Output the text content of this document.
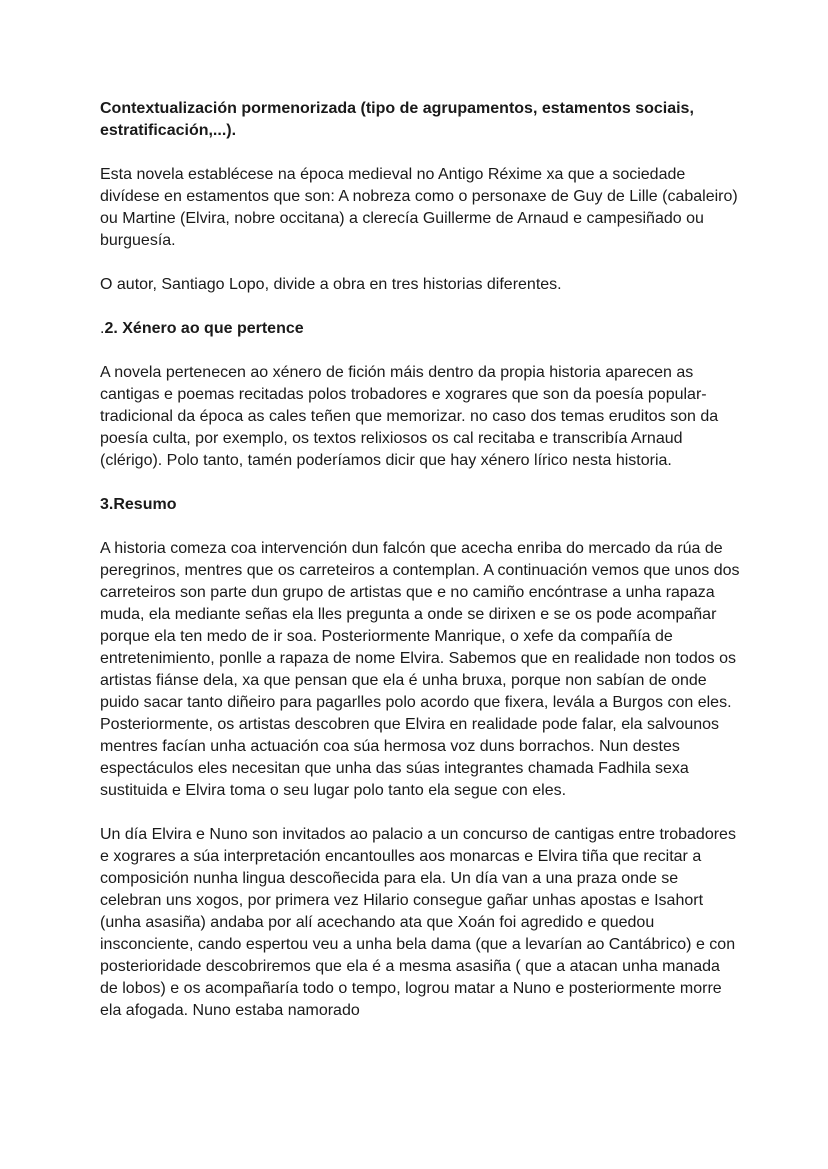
Contextualización pormenorizada (tipo de agrupamentos, estamentos sociais, estratificación,...).

Esta novela establécese na época medieval no Antigo Réxime xa que a sociedade divídese en estamentos que son: A nobreza como o personaxe de Guy de Lille (cabaleiro) ou Martine (Elvira, nobre occitana) a clerecía Guillerme de Arnaud e campesiñado ou burguesía.

O autor, Santiago Lopo, divide a obra en tres historias diferentes.

.2. Xénero ao que pertence

A novela pertenecen ao xénero de fición máis dentro da propia historia aparecen as cantigas e poemas recitadas polos trobadores e xograres que son da poesía popular-tradicional da época as cales teñen que memorizar. no caso dos temas eruditos son da poesía culta, por exemplo, os textos relixiosos os cal recitaba e transcribía Arnaud (clérigo). Polo tanto, tamén poderíamos dicir que hay xénero lírico nesta historia.

3.Resumo

A historia comeza coa intervención dun falcón que acecha enriba do mercado da rúa de peregrinos, mentres que os carreteiros a contemplan. A continuación vemos que unos dos carreteiros son parte dun grupo de artistas que e no camiño encóntrase a unha rapaza muda, ela mediante señas ela lles pregunta a onde se dirixen e se os pode acompañar porque ela ten medo de ir soa. Posteriormente Manrique, o xefe da compañía de entretenimiento, ponlle a rapaza de nome Elvira. Sabemos que en realidade non todos os artistas fiánse dela, xa que pensan que ela é unha bruxa, porque non sabían de onde puido sacar tanto diñeiro para pagarlles polo acordo que fixera, levála a Burgos con eles. Posteriormente, os artistas descobren que Elvira en realidade pode falar, ela salvounos mentres facían unha actuación coa súa hermosa voz duns borrachos. Nun destes espectáculos eles necesitan que unha das súas integrantes chamada Fadhila sexa sustituida e Elvira toma o seu lugar polo tanto ela segue con eles.

Un día Elvira e Nuno son invitados ao palacio a un concurso de cantigas entre trobadores e xograres a súa interpretación encantoulles aos monarcas e Elvira tiña que recitar a composición nunha lingua descoñecida para ela. Un día van a una praza onde se celebran uns xogos, por primera vez Hilario consegue gañar unhas apostas e Isahort (unha asasiña) andaba por alí acechando ata que Xoán foi agredido e quedou insconciente, cando espertou veu a unha bela dama (que a levarían ao Cantábrico) e con posterioridade descobriremos que ela é a mesma asasiña ( que a atacan unha manada de lobos) e os acompañaría todo o tempo, logrou matar a Nuno e posteriormente morre ela afogada. Nuno estaba namorado
